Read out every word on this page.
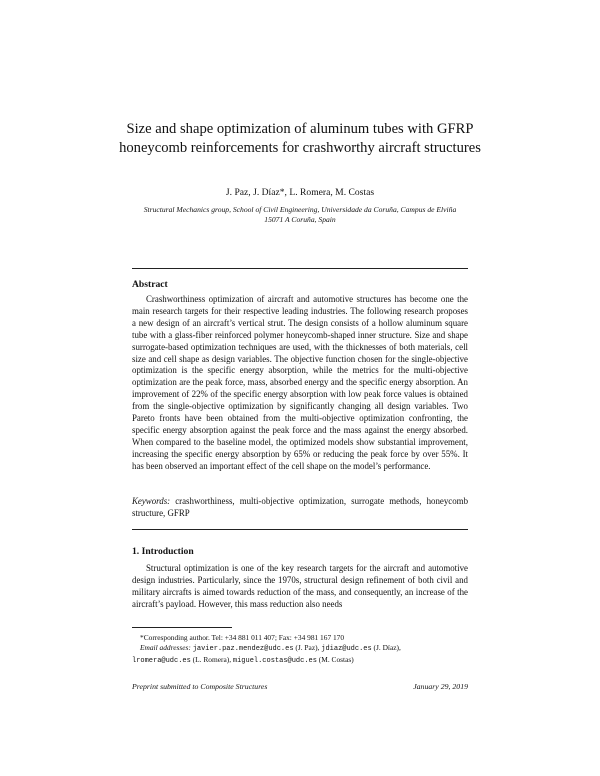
Size and shape optimization of aluminum tubes with GFRP honeycomb reinforcements for crashworthy aircraft structures
J. Paz, J. Díaz*, L. Romera, M. Costas
Structural Mechanics group, School of Civil Engineering, Universidade da Coruña, Campus de Elviña
15071 A Coruña, Spain
Abstract
Crashworthiness optimization of aircraft and automotive structures has become one the main research targets for their respective leading industries. The following research proposes a new design of an aircraft’s vertical strut. The design consists of a hollow aluminum square tube with a glass-fiber reinforced polymer honeycomb-shaped inner structure. Size and shape surrogate-based optimization techniques are used, with the thicknesses of both materials, cell size and cell shape as design variables. The objective function chosen for the single-objective optimization is the specific energy absorption, while the metrics for the multi-objective optimization are the peak force, mass, absorbed energy and the specific energy absorption. An improvement of 22% of the specific energy absorption with low peak force values is obtained from the single-objective optimization by significantly changing all design variables. Two Pareto fronts have been obtained from the multi-objective optimization confronting, the specific energy absorption against the peak force and the mass against the energy absorbed. When compared to the baseline model, the optimized models show substantial improvement, increasing the specific energy absorption by 65% or reducing the peak force by over 55%. It has been observed an important effect of the cell shape on the model’s performance.
Keywords: crashworthiness, multi-objective optimization, surrogate methods, honeycomb structure, GFRP
1. Introduction
Structural optimization is one of the key research targets for the aircraft and automotive design industries. Particularly, since the 1970s, structural design refinement of both civil and military aircrafts is aimed towards reduction of the mass, and consequently, an increase of the aircraft’s payload. However, this mass reduction also needs
*Corresponding author. Tel: +34 881 011 407; Fax: +34 981 167 170
Email addresses: javier.paz.mendez@udc.es (J. Paz), jdiaz@udc.es (J. Díaz),
lromera@udc.es (L. Romera), miguel.costas@udc.es (M. Costas)
Preprint submitted to Composite Structures	January 29, 2019
